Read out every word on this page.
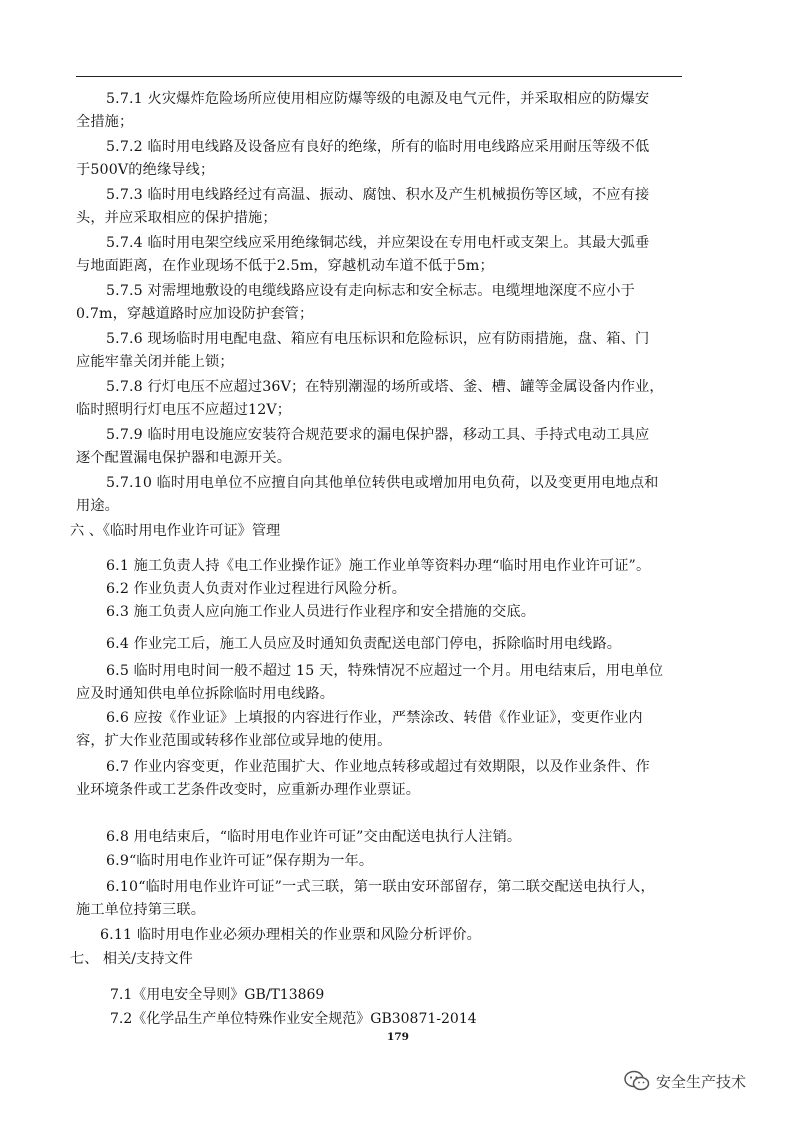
5.7.1 火灾爆炸危险场所应使用相应防爆等级的电源及电气元件，并采取相应的防爆安
全措施；
5.7.2 临时用电线路及设备应有良好的绝缘，所有的临时用电线路应采用耐压等级不低
于500V的绝缘导线；
5.7.3 临时用电线路经过有高温、振动、腐蚀、积水及产生机械损伤等区域，不应有接
头，并应采取相应的保护措施；
5.7.4 临时用电架空线应采用绝缘铜芯线，并应架设在专用电杆或支架上。其最大弧垂
与地面距离，在作业现场不低于2.5m，穿越机动车道不低于5m；
5.7.5 对需埋地敷设的电缆线路应设有走向标志和安全标志。电缆埋地深度不应小于
0.7m，穿越道路时应加设防护套管；
5.7.6 现场临时用电配电盘、箱应有电压标识和危险标识，应有防雨措施，盘、箱、门
应能牢靠关闭并能上锁；
5.7.8 行灯电压不应超过36V；在特别潮湿的场所或塔、釜、槽、罐等金属设备内作业，
临时照明行灯电压不应超过12V；
5.7.9 临时用电设施应安装符合规范要求的漏电保护器，移动工具、手持式电动工具应
逐个配置漏电保护器和电源开关。
5.7.10 临时用电单位不应擅自向其他单位转供电或增加用电负荷，以及变更用电地点和
用途。
六 、《临时用电作业许可证》管理
6.1 施工负责人持《电工作业操作证》施工作业单等资料办理“临时用电作业许可证”。
6.2 作业负责人负责对作业过程进行风险分析。
6.3 施工负责人应向施工作业人员进行作业程序和安全措施的交底。
6.4 作业完工后，施工人员应及时通知负责配送电部门停电，拆除临时用电线路。
6.5 临时用电时间一般不超过 15 天，特殊情况不应超过一个月。用电结束后，用电单位
应及时通知供电单位拆除临时用电线路。
6.6 应按《作业证》上填报的内容进行作业，严禁涂改、转借《作业证》，变更作业内
容，扩大作业范围或转移作业部位或异地的使用。
6.7 作业内容变更，作业范围扩大、作业地点转移或超过有效期限，以及作业条件、作
业环境条件或工艺条件改变时，应重新办理作业票证。
6.8 用电结束后，“临时用电作业许可证”交由配送电执行人注销。
6.9“临时用电作业许可证”保存期为一年。
6.10“临时用电作业许可证”一式三联，第一联由安环部留存，第二联交配送电执行人，
施工单位持第三联。
6.11 临时用电作业必须办理相关的作业票和风险分析评价。
七、 相关/支持文件
7.1《用电安全导则》GB/T13869
7.2《化学品生产单位特殊作业安全规范》GB30871-2014
179
安全生产技术
